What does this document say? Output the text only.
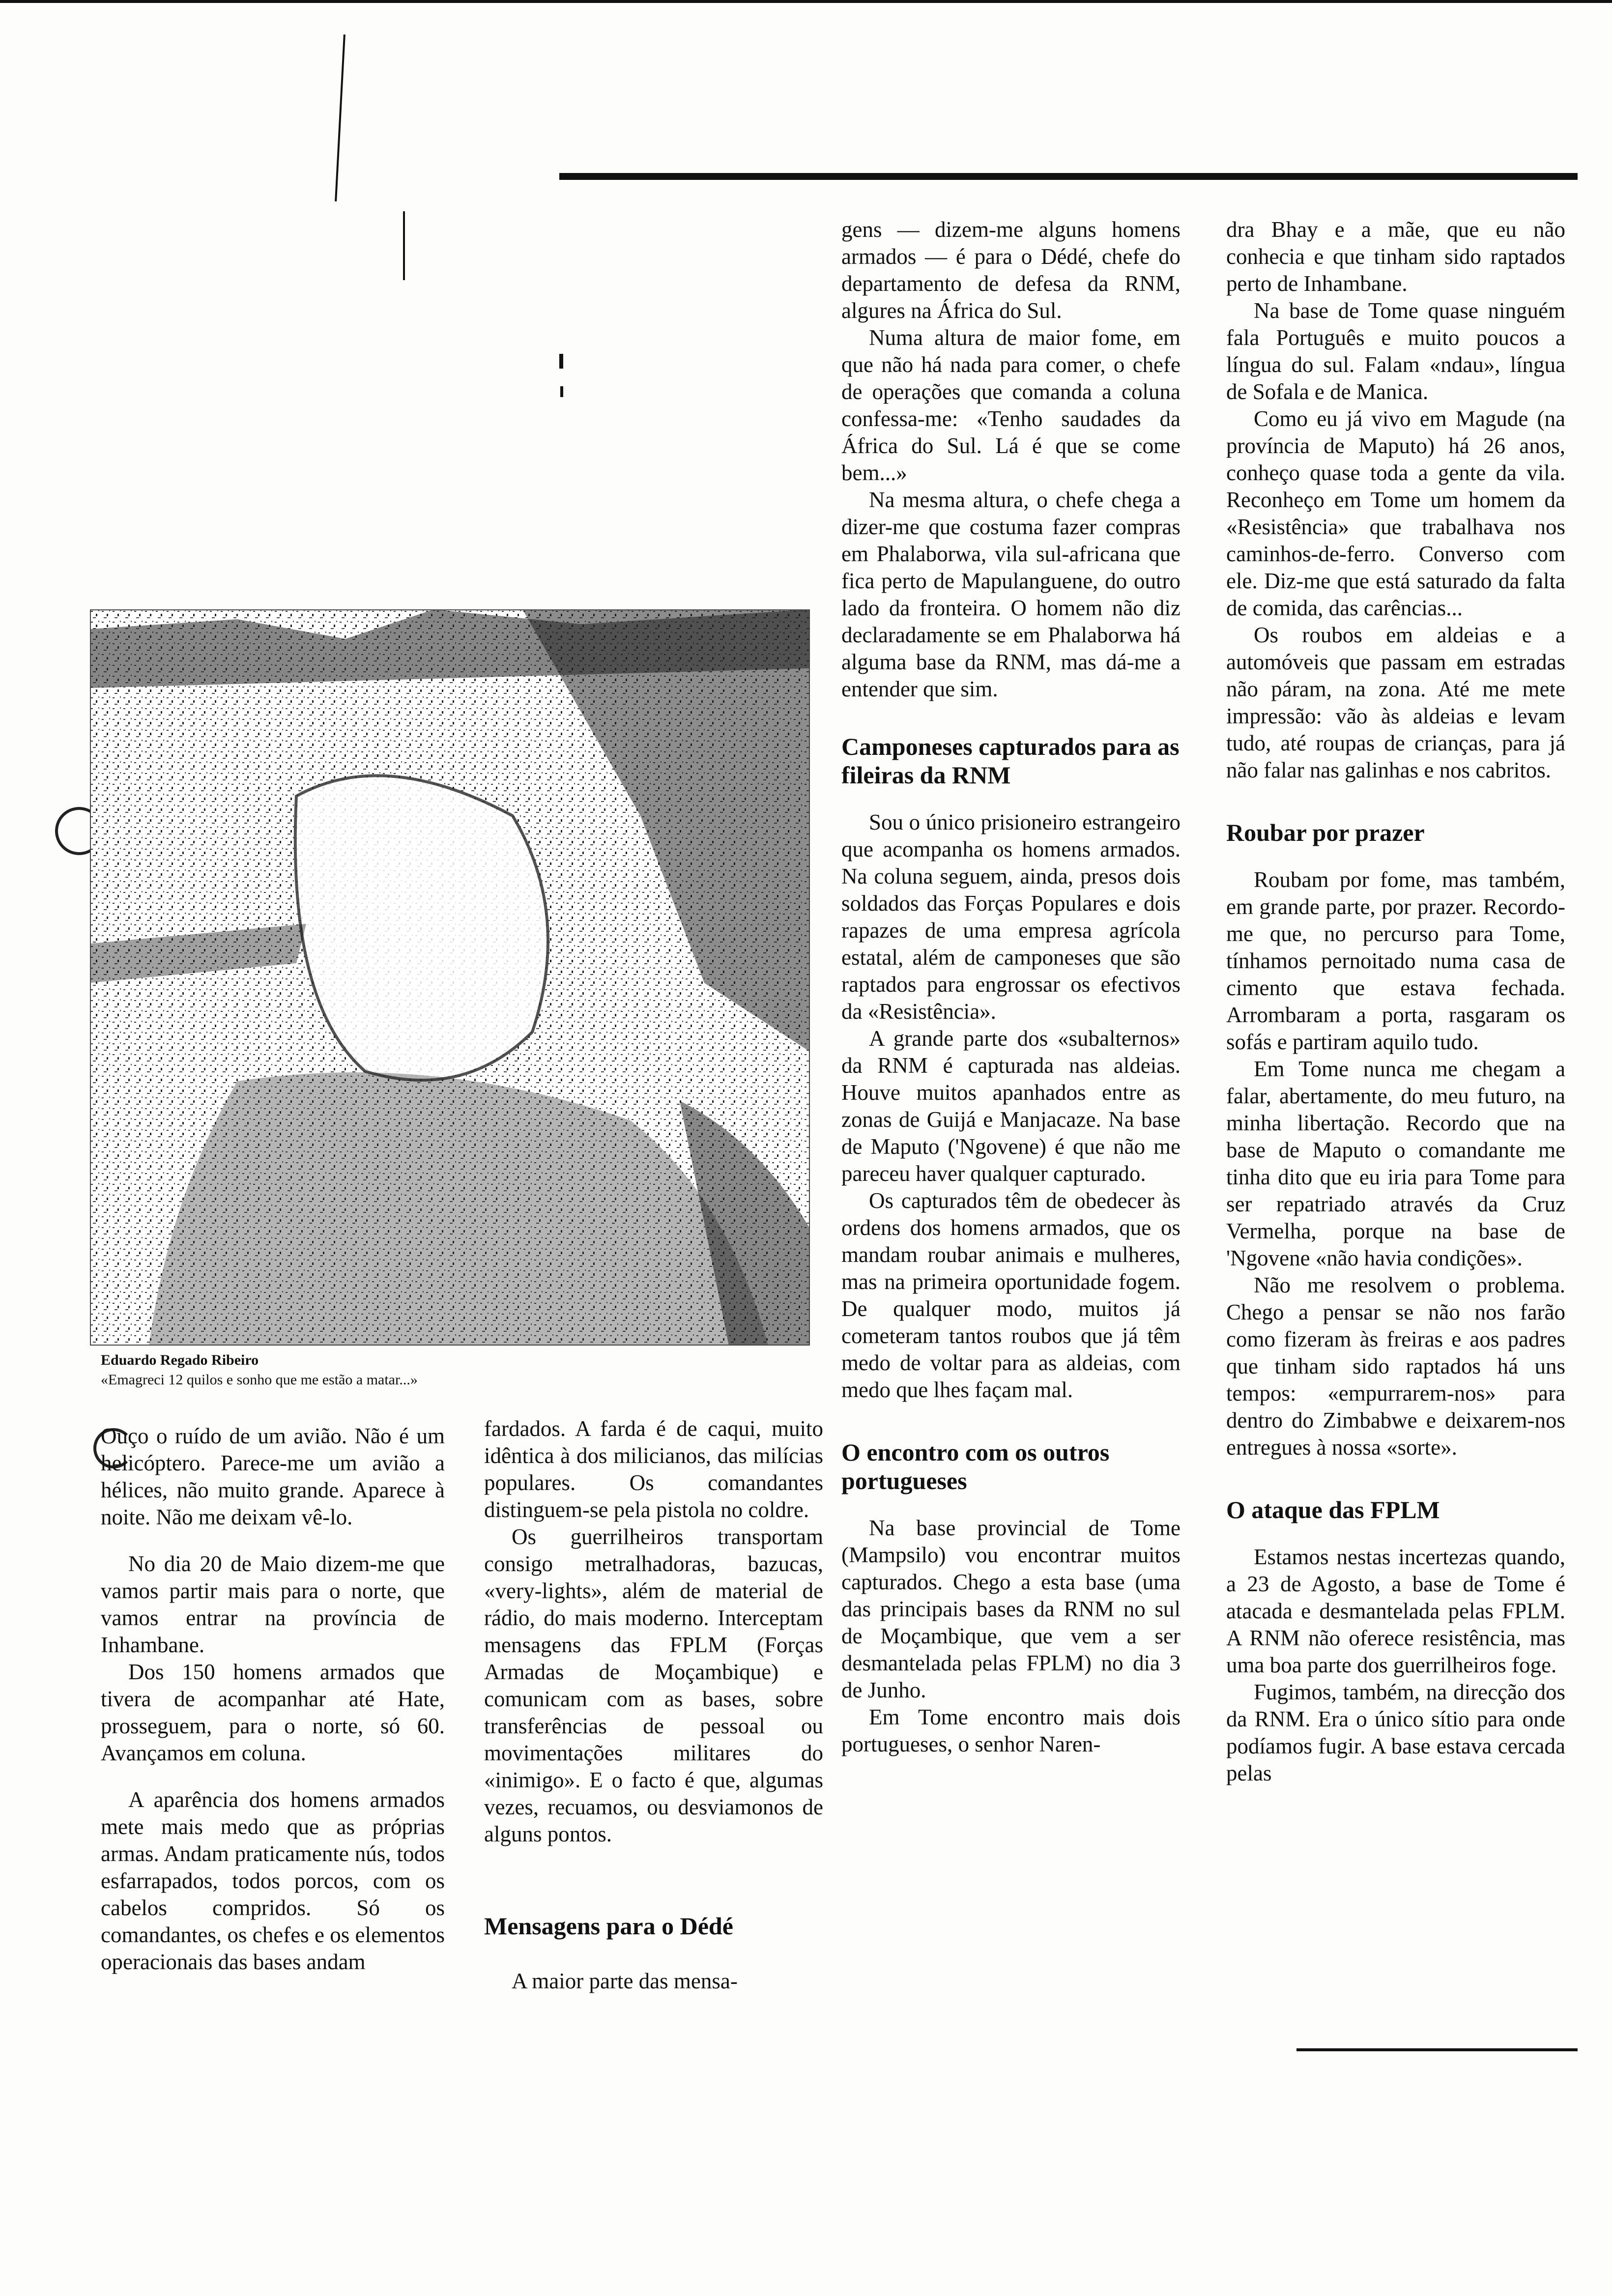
Eduardo Regado Ribeiro
«Emagreci 12 quilos e sonho que me estão a matar...»

Ouço o ruído de um avião. Não é um helicóptero. Parece-me um avião a hélices, não muito grande. Aparece à noite. Não me deixam vê-lo.

No dia 20 de Maio dizem-me que vamos partir mais para o norte, que vamos entrar na província de Inhambane.

Dos 150 homens armados que tivera de acompanhar até Hate, prosseguem, para o norte, só 60. Avançamos em coluna.

A aparência dos homens armados mete mais medo que as próprias armas. Andam praticamente nús, todos esfarrapados, todos porcos, com os cabelos compridos. Só os comandantes, os chefes e os elementos operacionais das bases andam

fardados. A farda é de caqui, muito idêntica à dos milicianos, das milícias populares. Os comandantes distinguem-se pela pistola no coldre.

Os guerrilheiros transportam consigo metralhadoras, bazucas, «very-lights», além de material de rádio, do mais moderno. Interceptam mensagens das FPLM (Forças Armadas de Moçambique) e comunicam com as bases, sobre transferências de pessoal ou movimentações militares do «inimigo». E o facto é que, algumas vezes, recuamos, ou desviamonos de alguns pontos.

Mensagens para o Dédé

A maior parte das mensa-

gens — dizem-me alguns homens armados — é para o Dédé, chefe do departamento de defesa da RNM, algures na África do Sul.

Numa altura de maior fome, em que não há nada para comer, o chefe de operações que comanda a coluna confessa-me: «Tenho saudades da África do Sul. Lá é que se come bem...»

Na mesma altura, o chefe chega a dizer-me que costuma fazer compras em Phalaborwa, vila sul-africana que fica perto de Mapulanguene, do outro lado da fronteira. O homem não diz declaradamente se em Phalaborwa há alguma base da RNM, mas dá-me a entender que sim.

Camponeses capturados para as fileiras da RNM

Sou o único prisioneiro estrangeiro que acompanha os homens armados. Na coluna seguem, ainda, presos dois soldados das Forças Populares e dois rapazes de uma empresa agrícola estatal, além de camponeses que são raptados para engrossar os efectivos da «Resistência».

A grande parte dos «subalternos» da RNM é capturada nas aldeias. Houve muitos apanhados entre as zonas de Guijá e Manjacaze. Na base de Maputo ('Ngovene) é que não me pareceu haver qualquer capturado.

Os capturados têm de obedecer às ordens dos homens armados, que os mandam roubar animais e mulheres, mas na primeira oportunidade fogem. De qualquer modo, muitos já cometeram tantos roubos que já têm medo de voltar para as aldeias, com medo que lhes façam mal.

O encontro com os outros portugueses

Na base provincial de Tome (Mampsilo) vou encontrar muitos capturados. Chego a esta base (uma das principais bases da RNM no sul de Moçambique, que vem a ser desmantelada pelas FPLM) no dia 3 de Junho.

Em Tome encontro mais dois portugueses, o senhor Naren-

dra Bhay e a mãe, que eu não conhecia e que tinham sido raptados perto de Inhambane.

Na base de Tome quase ninguém fala Português e muito poucos a língua do sul. Falam «ndau», língua de Sofala e de Manica.

Como eu já vivo em Magude (na província de Maputo) há 26 anos, conheço quase toda a gente da vila. Reconheço em Tome um homem da «Resistência» que trabalhava nos caminhos-de-ferro. Converso com ele. Diz-me que está saturado da falta de comida, das carências...

Os roubos em aldeias e a automóveis que passam em estradas não páram, na zona. Até me mete impressão: vão às aldeias e levam tudo, até roupas de crianças, para já não falar nas galinhas e nos cabritos.

Roubar por prazer

Roubam por fome, mas também, em grande parte, por prazer. Recordo-me que, no percurso para Tome, tínhamos pernoitado numa casa de cimento que estava fechada. Arrombaram a porta, rasgaram os sofás e partiram aquilo tudo.

Em Tome nunca me chegam a falar, abertamente, do meu futuro, na minha libertação. Recordo que na base de Maputo o comandante me tinha dito que eu iria para Tome para ser repatriado através da Cruz Vermelha, porque na base de 'Ngovene «não havia condições».

Não me resolvem o problema. Chego a pensar se não nos farão como fizeram às freiras e aos padres que tinham sido raptados há uns tempos: «empurrarem-nos» para dentro do Zimbabwe e deixarem-nos entregues à nossa «sorte».

O ataque das FPLM

Estamos nestas incertezas quando, a 23 de Agosto, a base de Tome é atacada e desmantelada pelas FPLM. A RNM não oferece resistência, mas uma boa parte dos guerrilheiros foge.

Fugimos, também, na direcção dos da RNM. Era o único sítio para onde podíamos fugir. A base estava cercada pelas
